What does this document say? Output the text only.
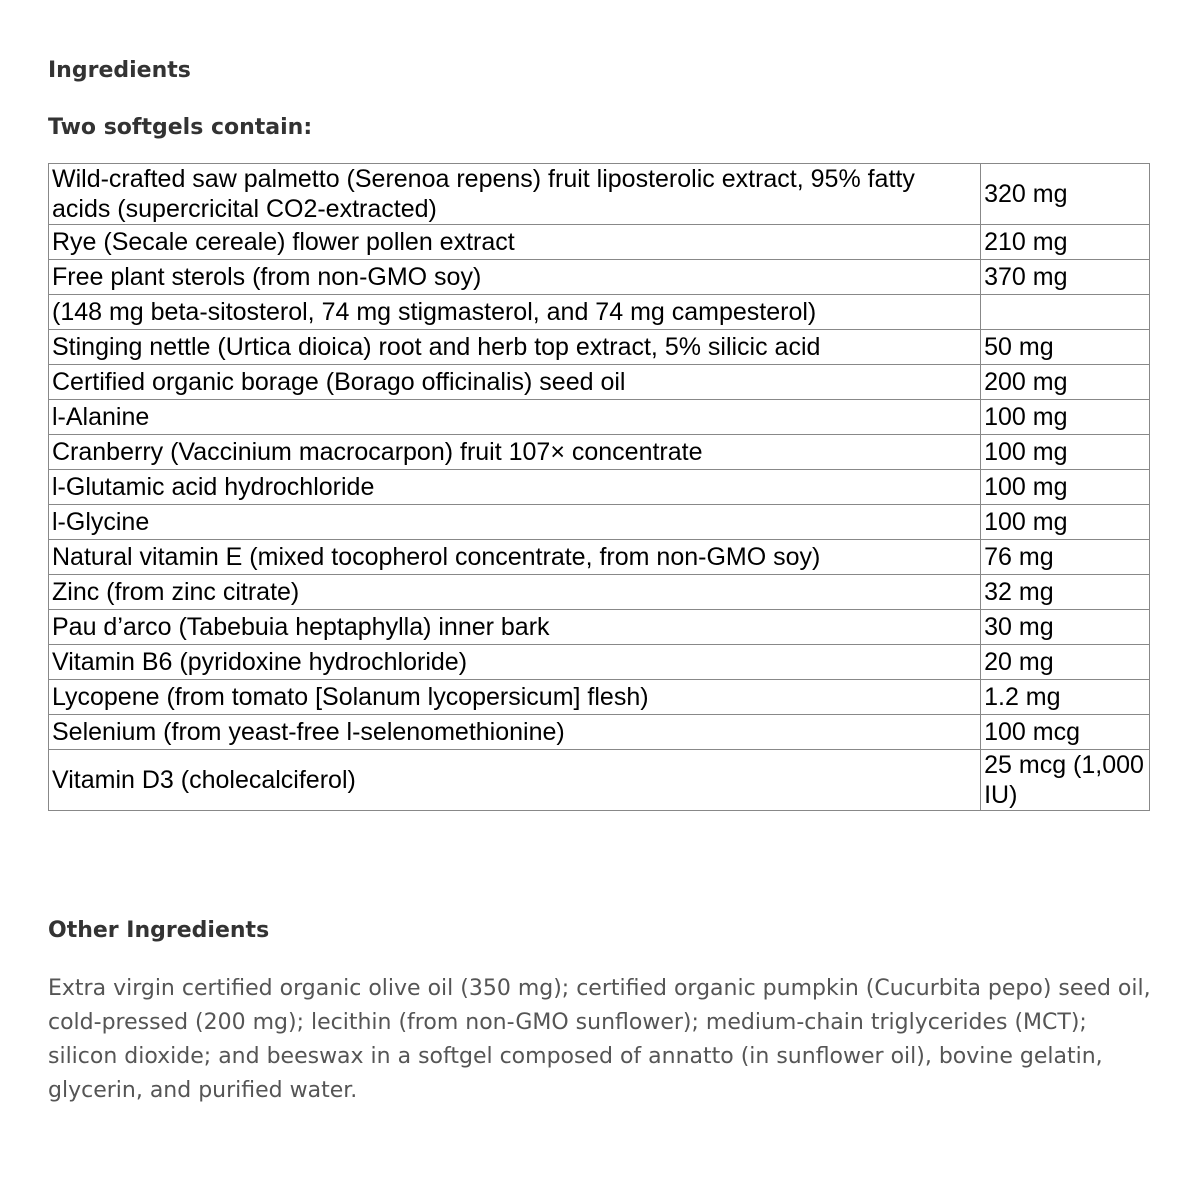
Ingredients
Two softgels contain:
Wild-crafted saw palmetto (Serenoa repens) fruit liposterolic extract, 95% fatty acids (supercricital CO2-extracted)	320 mg
Rye (Secale cereale) flower pollen extract	210 mg
Free plant sterols (from non-GMO soy)	370 mg
(148 mg beta-sitosterol, 74 mg stigmasterol, and 74 mg campesterol)	
Stinging nettle (Urtica dioica) root and herb top extract, 5% silicic acid	50 mg
Certified organic borage (Borago officinalis) seed oil	200 mg
l-Alanine	100 mg
Cranberry (Vaccinium macrocarpon) fruit 107× concentrate	100 mg
l-Glutamic acid hydrochloride	100 mg
l-Glycine	100 mg
Natural vitamin E (mixed tocopherol concentrate, from non-GMO soy)	76 mg
Zinc (from zinc citrate)	32 mg
Pau d’arco (Tabebuia heptaphylla) inner bark	30 mg
Vitamin B6 (pyridoxine hydrochloride)	20 mg
Lycopene (from tomato [Solanum lycopersicum] flesh)	1.2 mg
Selenium (from yeast-free l-selenomethionine)	100 mcg
Vitamin D3 (cholecalciferol)	25 mcg (1,000 IU)
Other Ingredients

Extra virgin certified organic olive oil (350 mg); certified organic pumpkin (Cucurbita pepo) seed oil, cold-pressed (200 mg); lecithin (from non-GMO sunflower); medium-chain triglycerides (MCT); silicon dioxide; and beeswax in a softgel composed of annatto (in sunflower oil), bovine gelatin, glycerin, and purified water.
